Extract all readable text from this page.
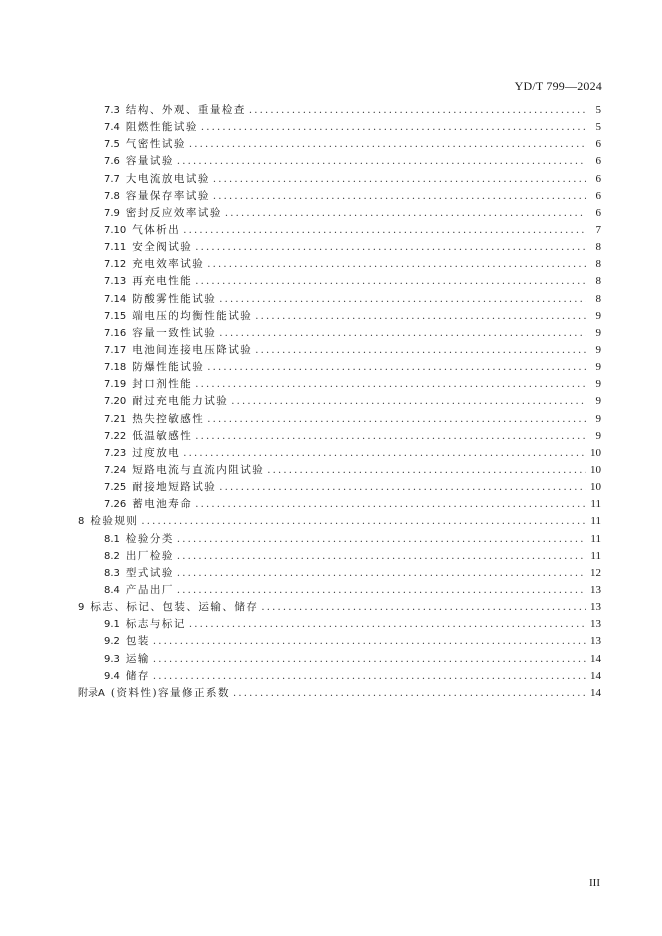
YD/T 799—2024
7.3 结构、外观、重量检查 .....	5
7.4 阻燃性能试验 .....	5
7.5 气密性试验 .....	6
7.6 容量试验 .....	6
7.7 大电流放电试验 .....	6
7.8 容量保存率试验 .....	6
7.9 密封反应效率试验 .....	6
7.10 气体析出 .....	7
7.11 安全阀试验 .....	8
7.12 充电效率试验 .....	8
7.13 再充电性能 .....	8
7.14 防酸雾性能试验 .....	8
7.15 端电压的均衡性能试验 .....	9
7.16 容量一致性试验 .....	9
7.17 电池间连接电压降试验 .....	9
7.18 防爆性能试验 .....	9
7.19 封口剂性能 .....	9
7.20 耐过充电能力试验 .....	9
7.21 热失控敏感性 .....	9
7.22 低温敏感性 .....	9
7.23 过度放电 .....	10
7.24 短路电流与直流内阻试验 .....	10
7.25 耐接地短路试验 .....	10
7.26 蓄电池寿命 .....	11
8 检验规则 .....	11
8.1 检验分类 .....	11
8.2 出厂检验 .....	11
8.3 型式试验 .....	12
8.4 产品出厂 .....	13
9 标志、标记、包装、运输、储存 .....	13
9.1 标志与标记 .....	13
9.2 包装 .....	13
9.3 运输 .....	14
9.4 储存 .....	14
附录A (资料性)容量修正系数 .....	14
III
